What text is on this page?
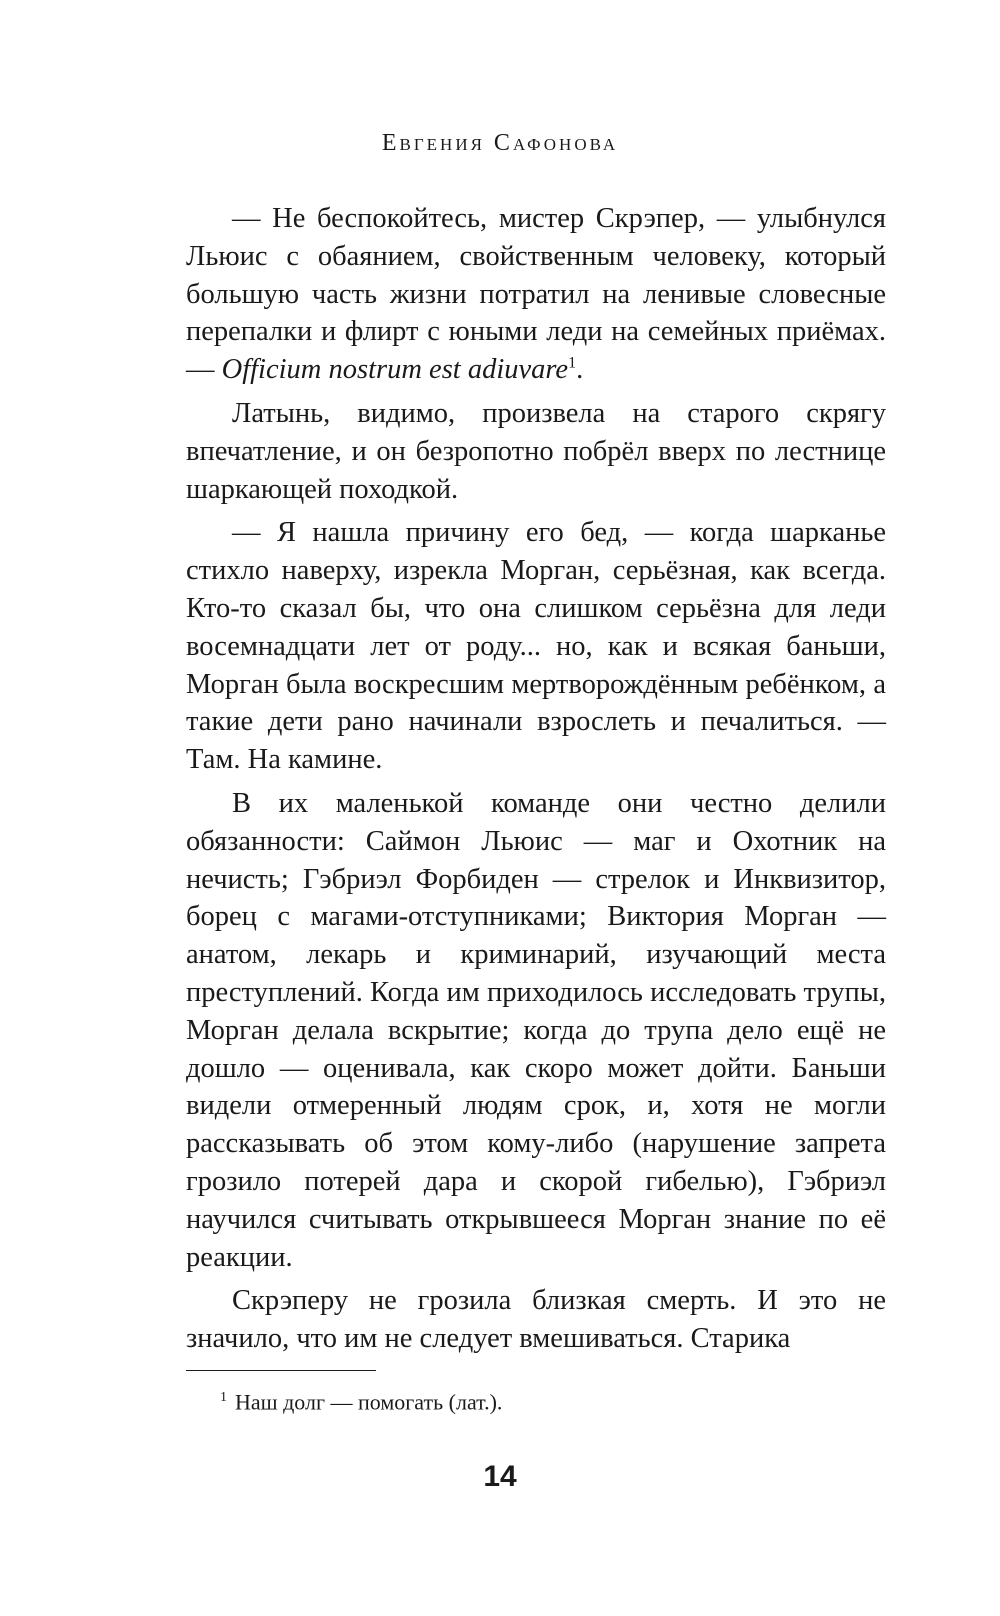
Евгения Сафонова

— Не беспокойтесь, мистер Скрэпер, — улыбнулся Льюис с обаянием, свойственным человеку, который большую часть жизни потратил на ленивые словесные перепалки и флирт с юными леди на семейных приёмах. — Officium nostrum est adiuvare$^1$.

Латынь, видимо, произвела на старого скрягу впечатление, и он безропотно побрёл вверх по лестнице шаркающей походкой.

— Я нашла причину его бед, — когда шарканье стихло наверху, изрекла Морган, серьёзная, как всегда. Кто-то сказал бы, что она слишком серьёзна для леди восемнадцати лет от роду... но, как и всякая баньши, Морган была воскресшим мертворождённым ребёнком, а такие дети рано начинали взрослеть и печалиться. — Там. На камине.

В их маленькой команде они честно делили обязанности: Саймон Льюис — маг и Охотник на нечисть; Гэбриэл Форбиден — стрелок и Инквизитор, борец с магами-отступниками; Виктория Морган — анатом, лекарь и криминарий, изучающий места преступлений. Когда им приходилось исследовать трупы, Морган делала вскрытие; когда до трупа дело ещё не дошло — оценивала, как скоро может дойти. Баньши видели отмеренный людям срок, и, хотя не могли рассказывать об этом кому-либо (нарушение запрета грозило потерей дара и скорой гибелью), Гэбриэл научился считывать открывшееся Морган знание по её реакции.

Скрэперу не грозила близкая смерть. И это не значило, что им не следует вмешиваться. Старика

$^1$ Наш долг — помогать (лат.).
14
